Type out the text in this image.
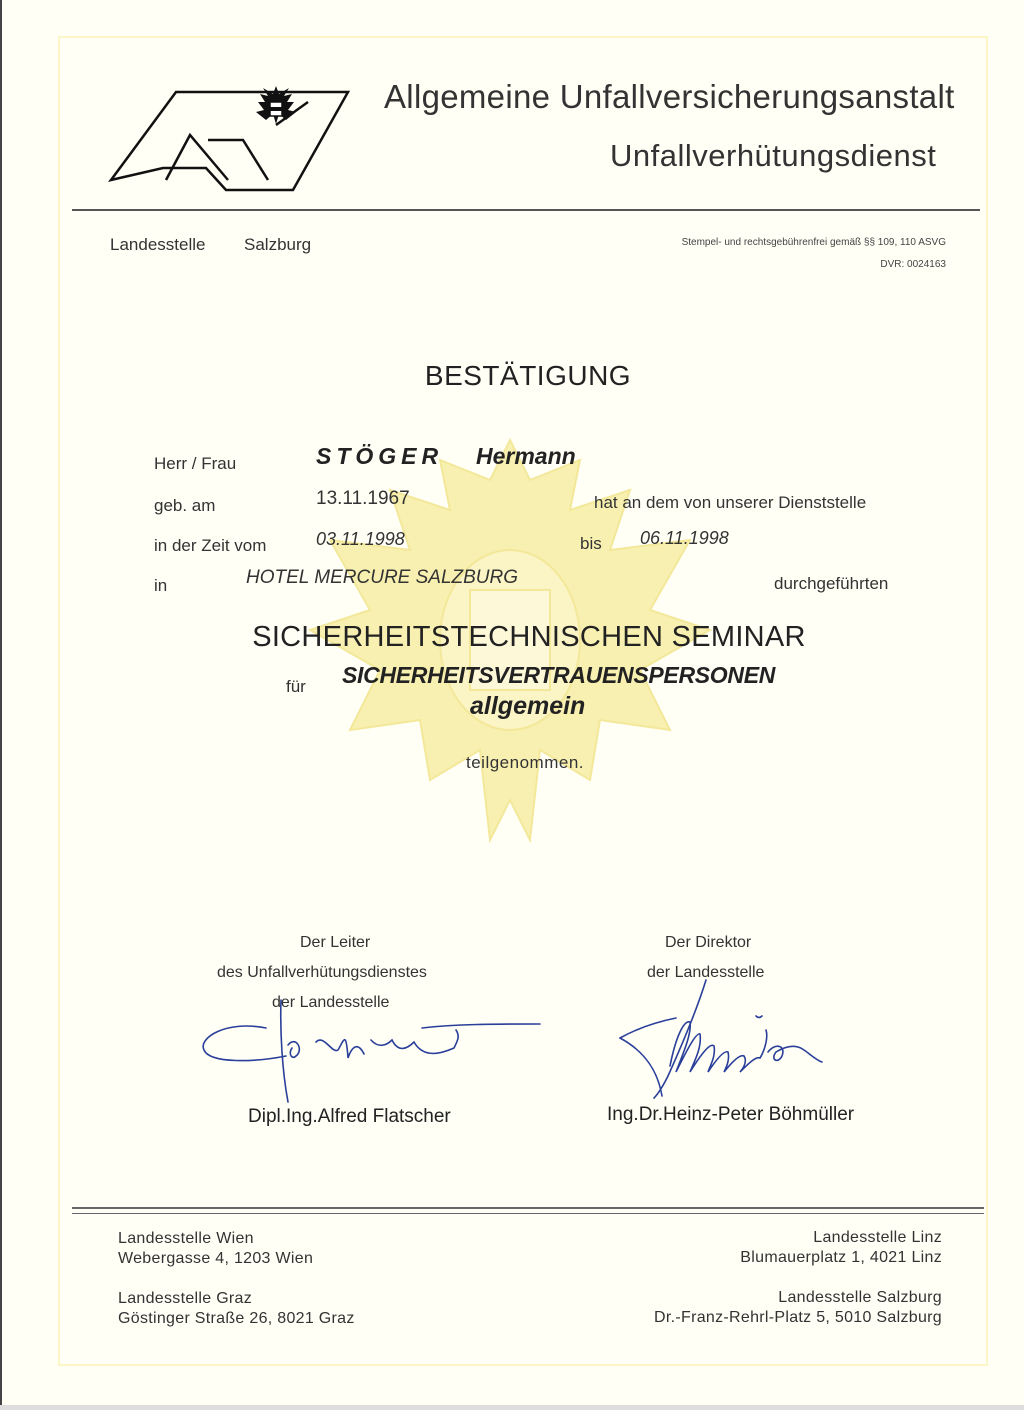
Allgemeine Unfallversicherungsanstalt
Unfallverhütungsdienst
Landesstelle Salzburg	Stempel- und rechtsgebührenfrei gemäß §§ 109, 110 ASVG
DVR: 0024163
BESTÄTIGUNG
Herr / Frau	STÖGER Hermann
geb. am	13.11.1967	hat an dem von unserer Dienststelle
in der Zeit vom	03.11.1998	bis 06.11.1998
in	HOTEL MERCURE SALZBURG	durchgeführten
SICHERHEITSTECHNISCHEN SEMINAR
für SICHERHEITSVERTRAUENSPERSONEN
allgemein
teilgenommen.
Der Leiter
des Unfallverhütungsdienstes
der Landesstelle
Dipl.Ing.Alfred Flatscher
Der Direktor
der Landesstelle
Ing.Dr.Heinz-Peter Böhmüller
Landesstelle Wien
Webergasse 4, 1203 Wien
Landesstelle Graz
Göstinger Straße 26, 8021 Graz
Landesstelle Linz
Blumauerplatz 1, 4021 Linz
Landesstelle Salzburg
Dr.-Franz-Rehrl-Platz 5, 5010 Salzburg
